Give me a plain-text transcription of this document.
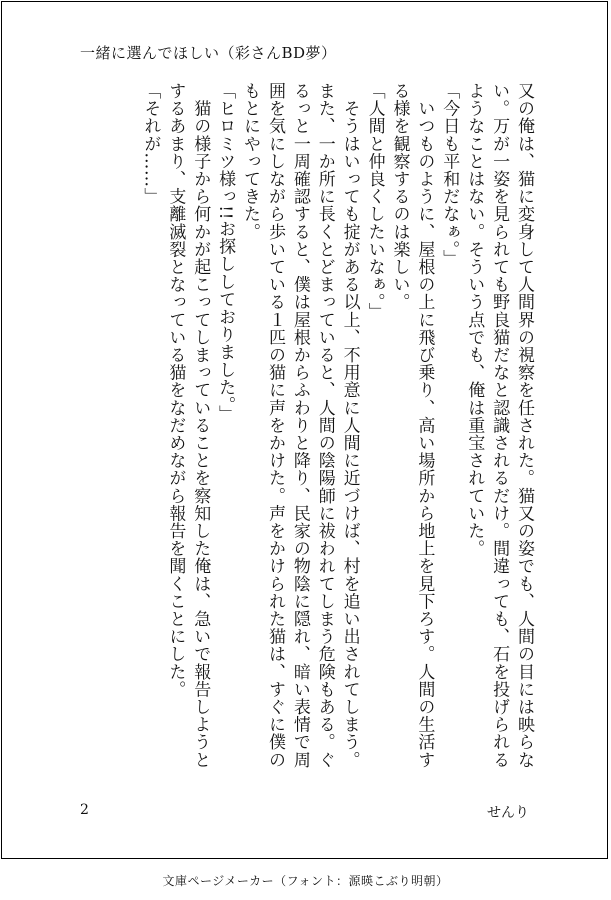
一緒に選んでほしい（彩さんBD夢）

又の俺は、猫に変身して人間界の視察を任された。猫又の姿でも、人間の目には映らな

い。万が一姿を見られても野良猫だなと認識されるだけ。間違っても、石を投げられる

ようなことはない。そういう点でも、俺は重宝されていた。

「今日も平和だなぁ。」

　いつものように、屋根の上に飛び乗り、高い場所から地上を見下ろす。人間の生活す

る様を観察するのは楽しい。

「人間と仲良くしたいなぁ。」

　そうはいっても掟がある以上、不用意に人間に近づけば、村を追い出されてしまう。

また、一か所に長くとどまっていると、人間の陰陽師に祓われてしまう危険もある。ぐ

るっと一周確認すると、僕は屋根からふわりと降り、民家の物陰に隠れ、暗い表情で周

囲を気にしながら歩いている１匹の猫に声をかけた。声をかけられた猫は、すぐに僕の

もとにやってきた。

「ヒロミツ様っ!!お探ししておりました。」

　猫の様子から何かが起こってしまっていることを察知した俺は、急いで報告しようと

するあまり、支離滅裂となっている猫をなだめながら報告を聞くことにした。

「それが……」

2	せんり
文庫ページメーカー（フォント：源暎こぶり明朝）
